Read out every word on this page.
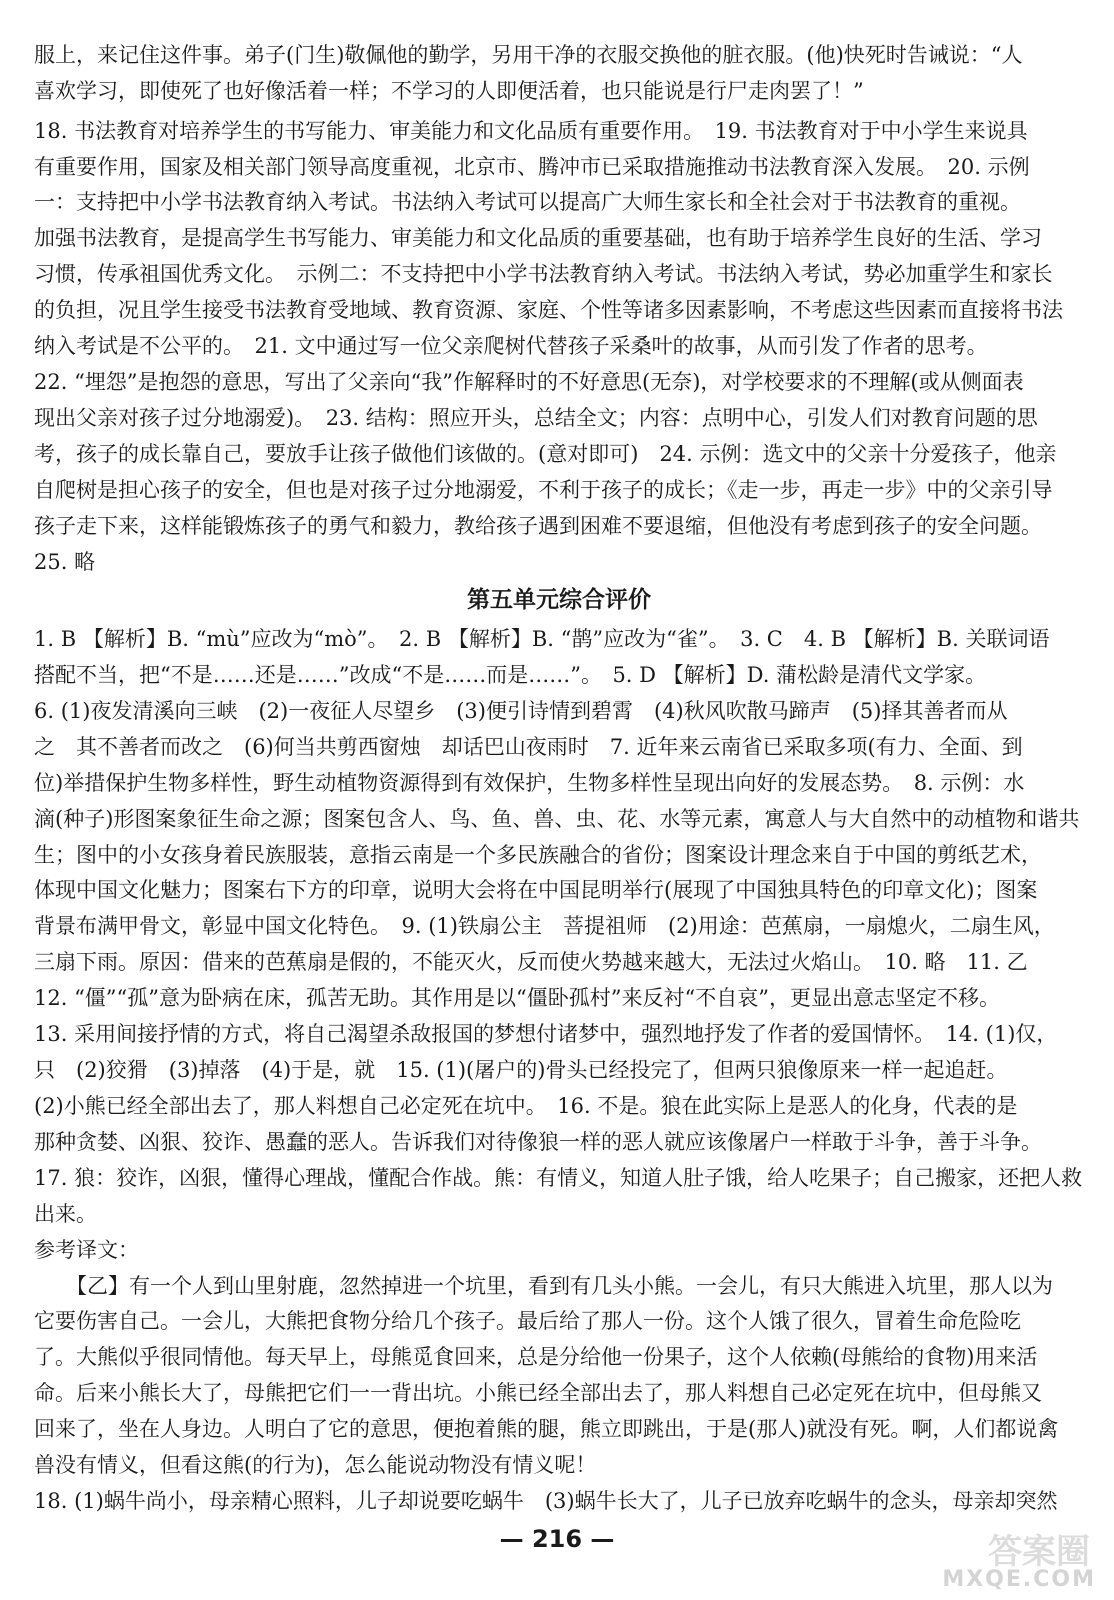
服上，来记住这件事。弟子(门生)敬佩他的勤学，另用干净的衣服交换他的脏衣服。(他)快死时告诫说：“人
喜欢学习，即使死了也好像活着一样；不学习的人即便活着，也只能说是行尸走肉罢了！”
18. 书法教育对培养学生的书写能力、审美能力和文化品质有重要作用。　19. 书法教育对于中小学生来说具
有重要作用，国家及相关部门领导高度重视，北京市、腾冲市已采取措施推动书法教育深入发展。　20. 示例
一：支持把中小学书法教育纳入考试。书法纳入考试可以提高广大师生家长和全社会对于书法教育的重视。
加强书法教育，是提高学生书写能力、审美能力和文化品质的重要基础，也有助于培养学生良好的生活、学习
习惯，传承祖国优秀文化。　示例二：不支持把中小学书法教育纳入考试。书法纳入考试，势必加重学生和家长
的负担，况且学生接受书法教育受地域、教育资源、家庭、个性等诸多因素影响，不考虑这些因素而直接将书法
纳入考试是不公平的。　21. 文中通过写一位父亲爬树代替孩子采桑叶的故事，从而引发了作者的思考。
22. “埋怨”是抱怨的意思，写出了父亲向“我”作解释时的不好意思(无奈)，对学校要求的不理解(或从侧面表
现出父亲对孩子过分地溺爱)。　23. 结构：照应开头，总结全文；内容：点明中心，引发人们对教育问题的思
考，孩子的成长靠自己，要放手让孩子做他们该做的。(意对即可)　24. 示例：选文中的父亲十分爱孩子，他亲
自爬树是担心孩子的安全，但也是对孩子过分地溺爱，不利于孩子的成长；《走一步，再走一步》中的父亲引导
孩子走下来，这样能锻炼孩子的勇气和毅力，教给孩子遇到困难不要退缩，但他没有考虑到孩子的安全问题。
25. 略
第五单元综合评价
1. B 【解析】B. “mù”应改为“mò”。　2. B 【解析】B. “鹊”应改为“雀”。　3. C　4. B 【解析】B. 关联词语
搭配不当，把“不是……还是……”改成“不是……而是……”。　5. D 【解析】D. 蒲松龄是清代文学家。
6. (1)夜发清溪向三峡　(2)一夜征人尽望乡　(3)便引诗情到碧霄　(4)秋风吹散马蹄声　(5)择其善者而从
之　其不善者而改之　(6)何当共剪西窗烛　却话巴山夜雨时　7. 近年来云南省已采取多项(有力、全面、到
位)举措保护生物多样性，野生动植物资源得到有效保护，生物多样性呈现出向好的发展态势。　8. 示例：水
滴(种子)形图案象征生命之源；图案包含人、鸟、鱼、兽、虫、花、水等元素，寓意人与大自然中的动植物和谐共
生；图中的小女孩身着民族服装，意指云南是一个多民族融合的省份；图案设计理念来自于中国的剪纸艺术，
体现中国文化魅力；图案右下方的印章，说明大会将在中国昆明举行(展现了中国独具特色的印章文化)；图案
背景布满甲骨文，彰显中国文化特色。　9. (1)铁扇公主　菩提祖师　(2)用途：芭蕉扇，一扇熄火，二扇生风，
三扇下雨。原因：借来的芭蕉扇是假的，不能灭火，反而使火势越来越大，无法过火焰山。　10. 略　11. 乙
12. “僵”“孤”意为卧病在床，孤苦无助。其作用是以“僵卧孤村”来反衬“不自哀”，更显出意志坚定不移。
13. 采用间接抒情的方式，将自己渴望杀敌报国的梦想付诸梦中，强烈地抒发了作者的爱国情怀。　14. (1)仅，
只　(2)狡猾　(3)掉落　(4)于是，就　15. (1)(屠户的)骨头已经投完了，但两只狼像原来一样一起追赶。
(2)小熊已经全部出去了，那人料想自己必定死在坑中。　16. 不是。狼在此实际上是恶人的化身，代表的是
那种贪婪、凶狠、狡诈、愚蠢的恶人。告诉我们对待像狼一样的恶人就应该像屠户一样敢于斗争，善于斗争。
17. 狼：狡诈，凶狠，懂得心理战，懂配合作战。熊：有情义，知道人肚子饿，给人吃果子；自己搬家，还把人救
出来。
参考译文：
【乙】有一个人到山里射鹿，忽然掉进一个坑里，看到有几头小熊。一会儿，有只大熊进入坑里，那人以为
它要伤害自己。一会儿，大熊把食物分给几个孩子。最后给了那人一份。这个人饿了很久，冒着生命危险吃
了。大熊似乎很同情他。每天早上，母熊觅食回来，总是分给他一份果子，这个人依赖(母熊给的食物)用来活
命。后来小熊长大了，母熊把它们一一背出坑。小熊已经全部出去了，那人料想自己必定死在坑中，但母熊又
回来了，坐在人身边。人明白了它的意思，便抱着熊的腿，熊立即跳出，于是(那人)就没有死。啊，人们都说禽
兽没有情义，但看这熊(的行为)，怎么能说动物没有情义呢！
18. (1)蜗牛尚小，母亲精心照料，儿子却说要吃蜗牛　(3)蜗牛长大了，儿子已放弃吃蜗牛的念头，母亲却突然
— 216 —	答案圈
MXQE.COM
